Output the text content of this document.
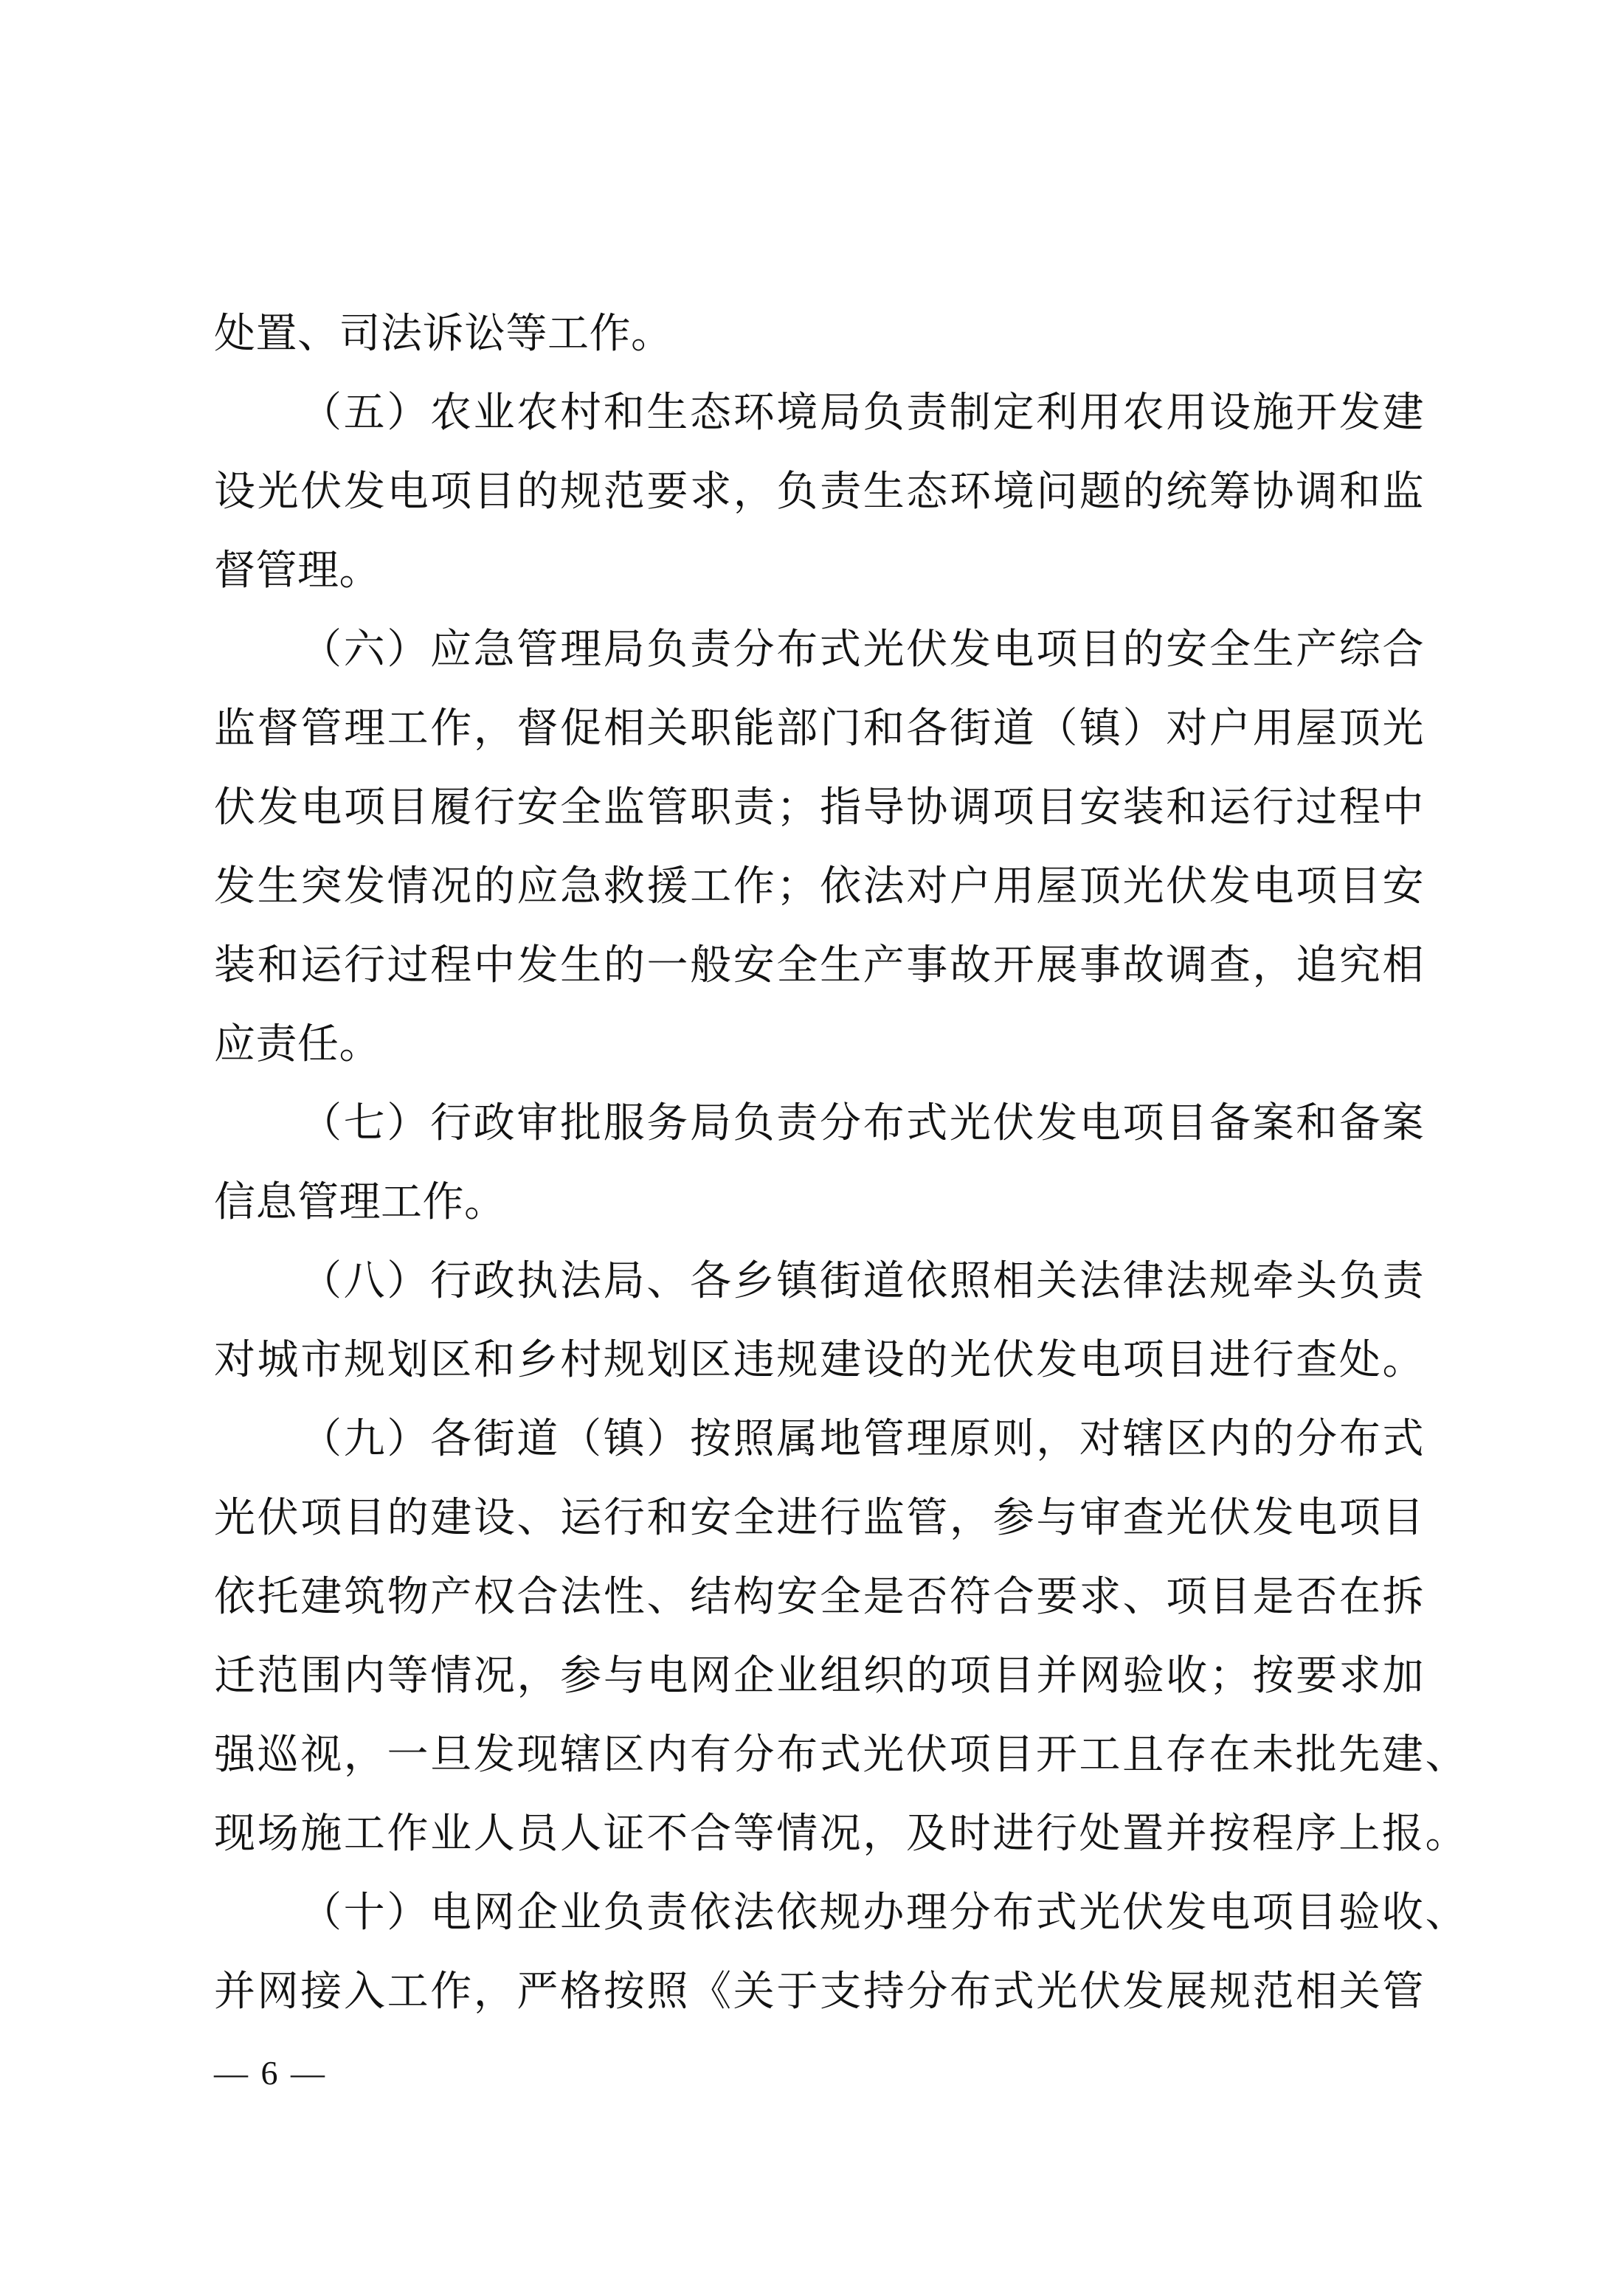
处置、司法诉讼等工作。
（五）农业农村和生态环境局负责制定利用农用设施开发建
设光伏发电项目的规范要求，负责生态环境问题的统筹协调和监
督管理。
（六）应急管理局负责分布式光伏发电项目的安全生产综合
监督管理工作，督促相关职能部门和各街道（镇）对户用屋顶光
伏发电项目履行安全监管职责；指导协调项目安装和运行过程中
发生突发情况的应急救援工作；依法对户用屋顶光伏发电项目安
装和运行过程中发生的一般安全生产事故开展事故调查，追究相
应责任。
（七）行政审批服务局负责分布式光伏发电项目备案和备案
信息管理工作。
（八）行政执法局、各乡镇街道依照相关法律法规牵头负责
对城市规划区和乡村规划区违规建设的光伏发电项目进行查处。
（九）各街道（镇）按照属地管理原则，对辖区内的分布式
光伏项目的建设、运行和安全进行监管，参与审查光伏发电项目
依托建筑物产权合法性、结构安全是否符合要求、项目是否在拆
迁范围内等情况，参与电网企业组织的项目并网验收；按要求加
强巡视，一旦发现辖区内有分布式光伏项目开工且存在未批先建、
现场施工作业人员人证不合等情况，及时进行处置并按程序上报。
（十）电网企业负责依法依规办理分布式光伏发电项目验收、
并网接入工作，严格按照《关于支持分布式光伏发展规范相关管
— 6 —
